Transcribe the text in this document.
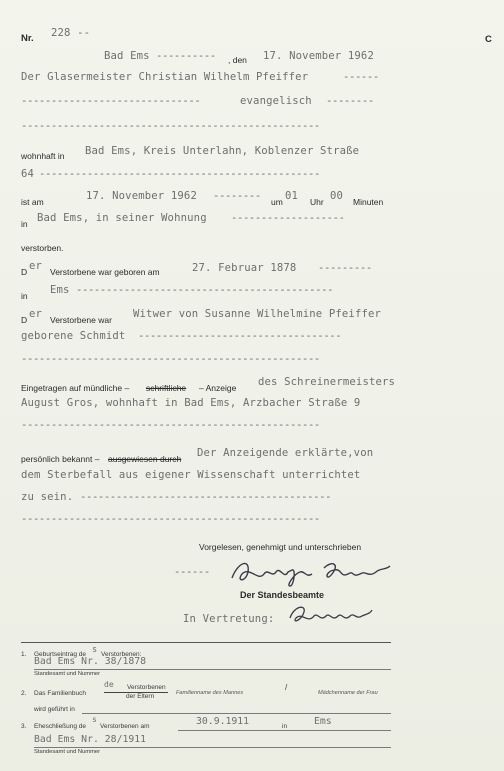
Nr. 228 --
C
Bad Ems ----------	, den 17. November 1962
Der Glasermeister Christian Wilhelm Pfeiffer	------
------------------------------	evangelisch --------
--------------------------------------------------
wohnhaft in Bad Ems, Kreis Unterlahn, Koblenzer Straße
64 -----------------------------------------------
ist am	17. November 1962 --------	um 01 Uhr 00 Minuten
in Bad Ems, in seiner Wohnung -------------------
verstorben.
D er Verstorbene war geboren am	27. Februar 1878 ---------
in Ems -------------------------------------------
D er Verstorbene war Witwer von Susanne Wilhelmine Pfeiffer
geborene Schmidt ----------------------------------
--------------------------------------------------
Eingetragen auf mündliche – schriftliche – Anzeige des Schreinermeisters
August Gros, wohnhaft in Bad Ems, Arzbacher Straße 9
--------------------------------------------------
persönlich bekannt – ausgewiesen durch Der Anzeigende erklärte,von
dem Sterbefall aus eigener Wissenschaft unterrichtet
zu sein. ------------------------------------------
--------------------------------------------------
Vorgelesen, genehmigt und unterschrieben
------
Der Standesbeamte
In Vertretung:
1. Geburtseintrag de s Verstorbenen:
Bad Ems Nr. 38/1878
Standesamt und Nummer
2. Das Familienbuch
de Verstorbenen
der Eltern	Familienname des Mannes
/
Mädchenname der Frau
wird geführt in
3. Eheschließung de
s
Verstorbenen am	30.9.1911	in	Ems
Bad Ems Nr. 28/1911
Standesamt und Nummer
